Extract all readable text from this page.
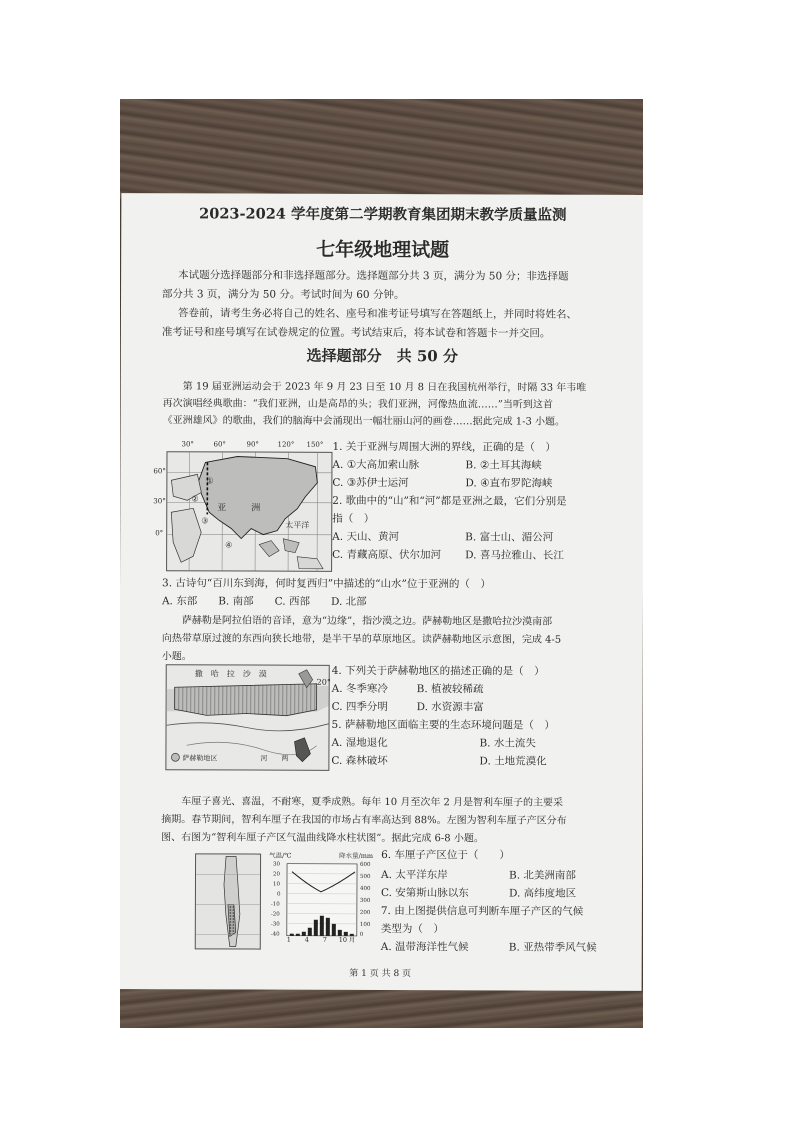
2023-2024 学年度第二学期教育集团期末教学质量监测
七年级地理试题
本试题分选择题部分和非选择题部分。选择题部分共 3 页，满分为 50 分；非选择题
部分共 3 页，满分为 50 分。考试时间为 60 分钟。
答卷前，请考生务必将自己的姓名、座号和准考证号填写在答题纸上，并同时将姓名、
准考证号和座号填写在试卷规定的位置。考试结束后，将本试卷和答题卡一并交回。
选择题部分　共 50 分
第 19 届亚洲运动会于 2023 年 9 月 23 日至 10 月 8 日在我国杭州举行，时隔 33 年韦唯
再次演唱经典歌曲：“我们亚洲，山是高昂的头；我们亚洲，河像热血流……”当听到这首
《亚洲雄风》的歌曲，我们的脑海中会涌现出一幅壮丽山河的画卷……据此完成 1-3 小题。
30°	60°	90°	120° 150°
60°
30°
0°
亚	洲
太平洋
①
②
③
④
1. 关于亚洲与周围大洲的界线，正确的是（　）
A. ①大高加索山脉	B. ②土耳其海峡
C. ③苏伊士运河	D. ④直布罗陀海峡
2. 歌曲中的“山”和“河”都是亚洲之最，它们分别是
指（　）
A. 天山、黄河	B. 富士山、湄公河
C. 青藏高原、伏尔加河 D. 喜马拉雅山、长江
3. 古诗句“百川东到海，何时复西归”中描述的“山水”位于亚洲的（　）
A. 东部　　B. 南部　　C. 西部　　D. 北部
萨赫勒是阿拉伯语的音译，意为“边缘”，指沙漠之边。萨赫勒地区是撒哈拉沙漠南部
向热带草原过渡的东西向狭长地带，是半干旱的草原地区。读萨赫勒地区示意图，完成 4-5
小题。
撒　哈　拉　沙　漠
20°
萨赫勒地区	河　　两
4. 下列关于萨赫勒地区的描述正确的是（　）
A. 冬季寒冷	B. 植被较稀疏
C. 四季分明	D. 水资源丰富
5. 萨赫勒地区面临主要的生态环境问题是（　）
A. 湿地退化	B. 水土流失
C. 森林破坏	D. 土地荒漠化
车厘子喜光、喜温，不耐寒，夏季成熟。每年 10 月至次年 2 月是智利车厘子的主要采
摘期。春节期间，智利车厘子在我国的市场占有率高达到 88%。左图为智利车厘子产区分布
图、右图为“智利车厘子产区气温曲线降水柱状图”。据此完成 6-8 小题。
气温/℃	降水量/mm
1 4 7 10 月
30
20
10
0
-10
-20
-30
-40
600
500
400
300
200
100
0
6. 车厘子产区位于（　　）
A. 太平洋东岸	B. 北美洲南部
C. 安第斯山脉以东	D. 高纬度地区
7. 由上图提供信息可判断车厘子产区的气候
类型为（　）
A. 温带海洋性气候	B. 亚热带季风气候
第 1 页 共 8 页
